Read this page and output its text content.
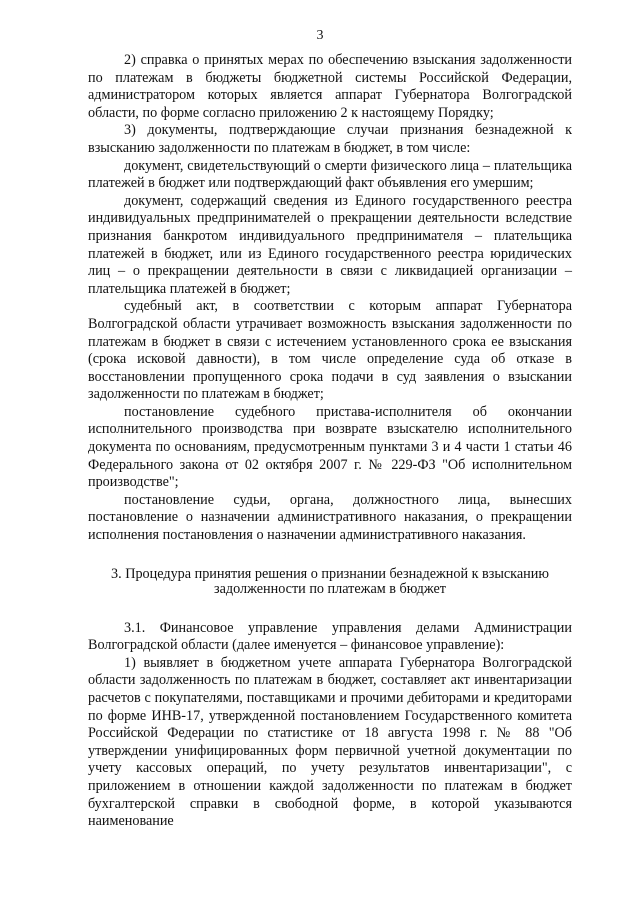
3

2) справка о принятых мерах по обеспечению взыскания задолженности по платежам в бюджеты бюджетной системы Российской Федерации, администратором которых является аппарат Губернатора Волгоградской области, по форме согласно приложению 2 к настоящему Порядку;

3) документы, подтверждающие случаи признания безнадежной к взысканию задолженности по платежам в бюджет, в том числе:

документ, свидетельствующий о смерти физического лица – плательщика платежей в бюджет или подтверждающий факт объявления его умершим;

документ, содержащий сведения из Единого государственного реестра индивидуальных предпринимателей о прекращении деятельности вследствие признания банкротом индивидуального предпринимателя – плательщика платежей в бюджет, или из Единого государственного реестра юридических лиц – о прекращении деятельности в связи с ликвидацией организации – плательщика платежей в бюджет;

судебный акт, в соответствии с которым аппарат Губернатора Волгоградской области утрачивает возможность взыскания задолженности по платежам в бюджет в связи с истечением установленного срока ее взыскания (срока исковой давности), в том числе определение суда об отказе в восстановлении пропущенного срока подачи в суд заявления о взыскании задолженности по платежам в бюджет;

постановление судебного пристава-исполнителя об окончании исполнительного производства при возврате взыскателю исполнительного документа по основаниям, предусмотренным пунктами 3 и 4 части 1 статьи 46 Федерального закона от 02 октября 2007 г. № 229-ФЗ "Об исполнительном производстве";

постановление судьи, органа, должностного лица, вынесших постановление о назначении административного наказания, о прекращении исполнения постановления о назначении административного наказания.

3. Процедура принятия решения о признании безнадежной к взысканию
задолженности по платежам в бюджет

3.1. Финансовое управление управления делами Администрации Волгоградской области (далее именуется – финансовое управление):

1) выявляет в бюджетном учете аппарата Губернатора Волгоградской области задолженность по платежам в бюджет, составляет акт инвентаризации расчетов с покупателями, поставщиками и прочими дебиторами и кредиторами по форме ИНВ-17, утвержденной постановлением Государственного комитета Российской Федерации по статистике от 18 августа 1998 г. № 88 "Об утверждении унифицированных форм первичной учетной документации по учету кассовых операций, по учету результатов инвентаризации", с приложением в отношении каждой задолженности по платежам в бюджет бухгалтерской справки в свободной форме, в которой указываются наименование
